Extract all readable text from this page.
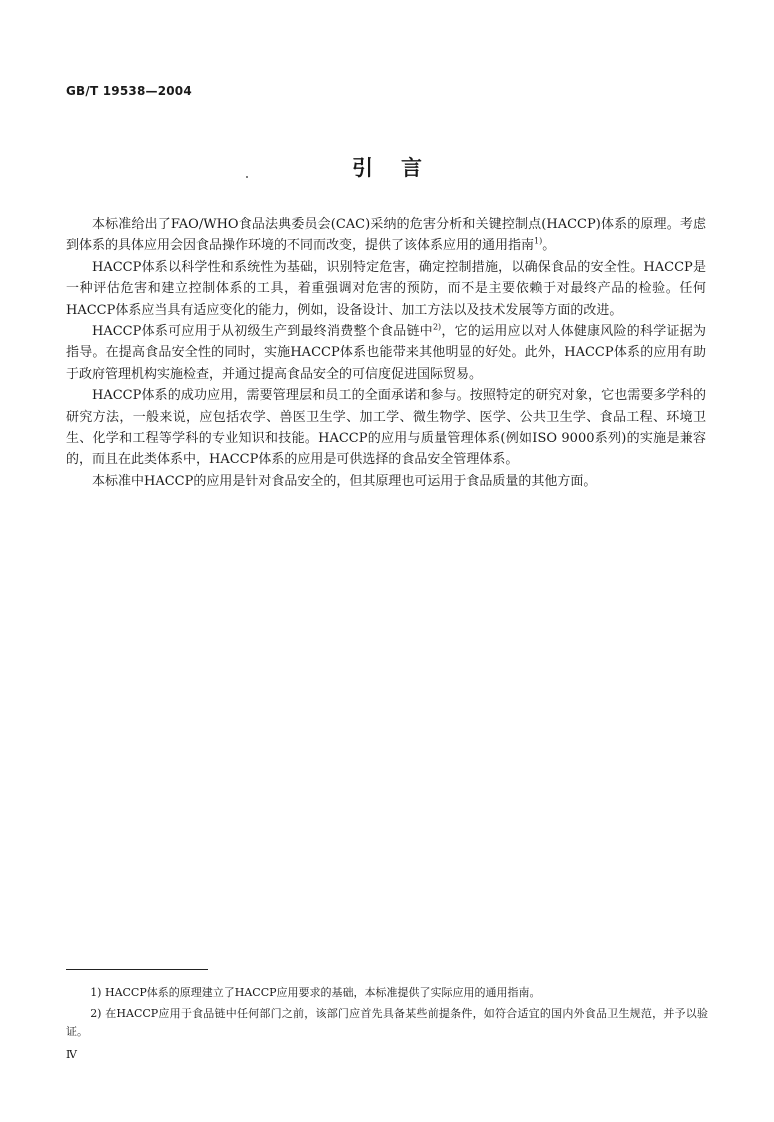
GB/T 19538—2004
引言

本标准给出了FAO/WHO食品法典委员会(CAC)采纳的危害分析和关键控制点(HACCP)体系的原理。考虑到体系的具体应用会因食品操作环境的不同而改变，提供了该体系应用的通用指南$^{1)}$。

HACCP体系以科学性和系统性为基础，识别特定危害，确定控制措施，以确保食品的安全性。HACCP是一种评估危害和建立控制体系的工具，着重强调对危害的预防，而不是主要依赖于对最终产品的检验。任何HACCP体系应当具有适应变化的能力，例如，设备设计、加工方法以及技术发展等方面的改进。

HACCP体系可应用于从初级生产到最终消费整个食品链中$^{2)}$，它的运用应以对人体健康风险的科学证据为指导。在提高食品安全性的同时，实施HACCP体系也能带来其他明显的好处。此外，HACCP体系的应用有助于政府管理机构实施检查，并通过提高食品安全的可信度促进国际贸易。

HACCP体系的成功应用，需要管理层和员工的全面承诺和参与。按照特定的研究对象，它也需要多学科的研究方法，一般来说，应包括农学、兽医卫生学、加工学、微生物学、医学、公共卫生学、食品工程、环境卫生、化学和工程等学科的专业知识和技能。HACCP的应用与质量管理体系(例如ISO 9000系列)的实施是兼容的，而且在此类体系中，HACCP体系的应用是可供选择的食品安全管理体系。

本标准中HACCP的应用是针对食品安全的，但其原理也可运用于食品质量的其他方面。

1) HACCP体系的原理建立了HACCP应用要求的基础，本标准提供了实际应用的通用指南。

2) 在HACCP应用于食品链中任何部门之前，该部门应首先具备某些前提条件，如符合适宜的国内外食品卫生规范，并予以验证。

Ⅳ
